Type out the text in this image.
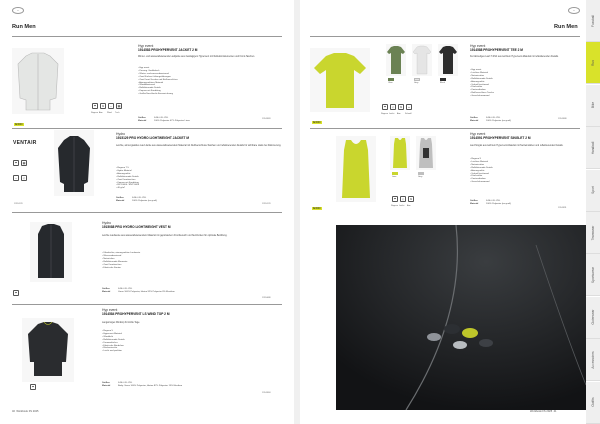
●
Run Men
IE3000
☂	≋	~	▦
Regnen Atm Wind Tuch
Hyp event
1914583 PROHYPERVENT JACKET 2 M
Winter- und wasserabweisende Laufjacke aus zweilagigem Hypervent mit Reflektor-Elementen und Front-Taschen.
• Hyp event
• Kurzreg. Grafikdruck
• Winter- und wasserabweisend
• Zwei Rücken-Lüftungsöffnungen
• Zwei Front-Taschen mit Reißverschluss
• Atmungsaktives Material
• Windabweisend
• Reflektierende Details
• Kapuze mit Kordelzug
• Größe/Geschlecht-Kennzeichnung
Größen	S-M-L-XL-XXL
Material	100% Polyester 47% Polyester Linse
1914583
VENTAIR
☂	▦
~	◇
1915129
Hydro
1915129 PRO HYDRO LIGHTWEIGHT JACKET M
Leichte, atmungsaktive Lauf-Jacke aus wasserabweisendem Material mit Reißverschluss-Taschen und reflektierenden Details für sichtbare Läufe bei Dämmerung.
• Regnen 7.5
• Hydro Material
• Atmungsaktiv
• Reflektierende Details
• Zwei Fronttaschen
• Kapuze mit Kordelzug
• RS 10000 / MVP 6000
• 40 g/m²
Größen	S-M-L-XL-XXL
Material	100% Polyester (recycelt)
1915129
☂
Hydro
1915088 PRO HYDRO LIGHTWEIGHT VEST M
Leichte Laufweste aus wasserabweisendem Material mit gepolstertem Frontbereich und Netzrücken für optimale Belüftung.
• Ultraleichte, atmungsaktive Laufweste
• Wasserabweisend
• Netzrücken
• Reflektierende Elemente
• Zwei Fronttaschen
• Elastische Kanten
Größen	S-M-L-XL-XXL
Material	Vorne 100% Polyester, Hinten 92% Polyester 8% Elasthan
1915088
☂
Hyp event
1914584 PROHYPERVENT LS WIND TOP 2 M
Langarmiges Windtop für kühle Tage.
• Regnen 5
• Hypervent-Material
• Winddicht
• Reflektierende Details
• Daumenlöcher
• Elastische Bündchen
• Rückentasche
• Leicht und packbar
Größen	S-M-L-XL-XXL
Material	Body: Vorne 100% Polyester, Hinten 87% Polyester 13% Elasthan
1914584
40  Workbook FS 2025
●
Run Men
Olive	Grey	Black
IE3000
☂	◇	≋	»
Regnen Leicht Atm Schnell
Hyp event
1914588 PROHYPERVENT TEE 2 M
Kurzärmeliges Lauf-T-Shirt aus leichtem Hypervent-Material mit reflektierenden Details.
• Hyp event
• Leichtes Material
• Netzeinsätze
• Reflektierende Details
• Atmungsaktiv
• Schnell trocknend
• Flachnähte
• Kontrastfarben
• Reißverschluss-Tasche
• Geruchshemmend
Größen	S-M-L-XL-XXL
Material	100% Polyester (recycelt)
1914588
Lime	Grey
IE3000
☂	◇	≋
Regnen Leicht Atm
Hyp event
1914591 PROHYPERVENT SINGLET 2 M
Lauf-Singlet aus leichtem Hypervent-Material mit Netzeinsätzen und reflektierenden Details.
• Regnen 9
• Leichtes Material
• Netzeinsätze
• Reflektierende Details
• Atmungsaktiv
• Schnell trocknend
• Flachnähte
• Kontrastfarben
• Geruchshemmend
Größen	S-M-L-XL-XXL
Material	100% Polyester (recycelt)
1914591
Workbook FS 2025  41
Fussball
Run
Bike
Handball
Sport
Teamwear
Sportswear
Outerwear
Accessoires
Outfits
